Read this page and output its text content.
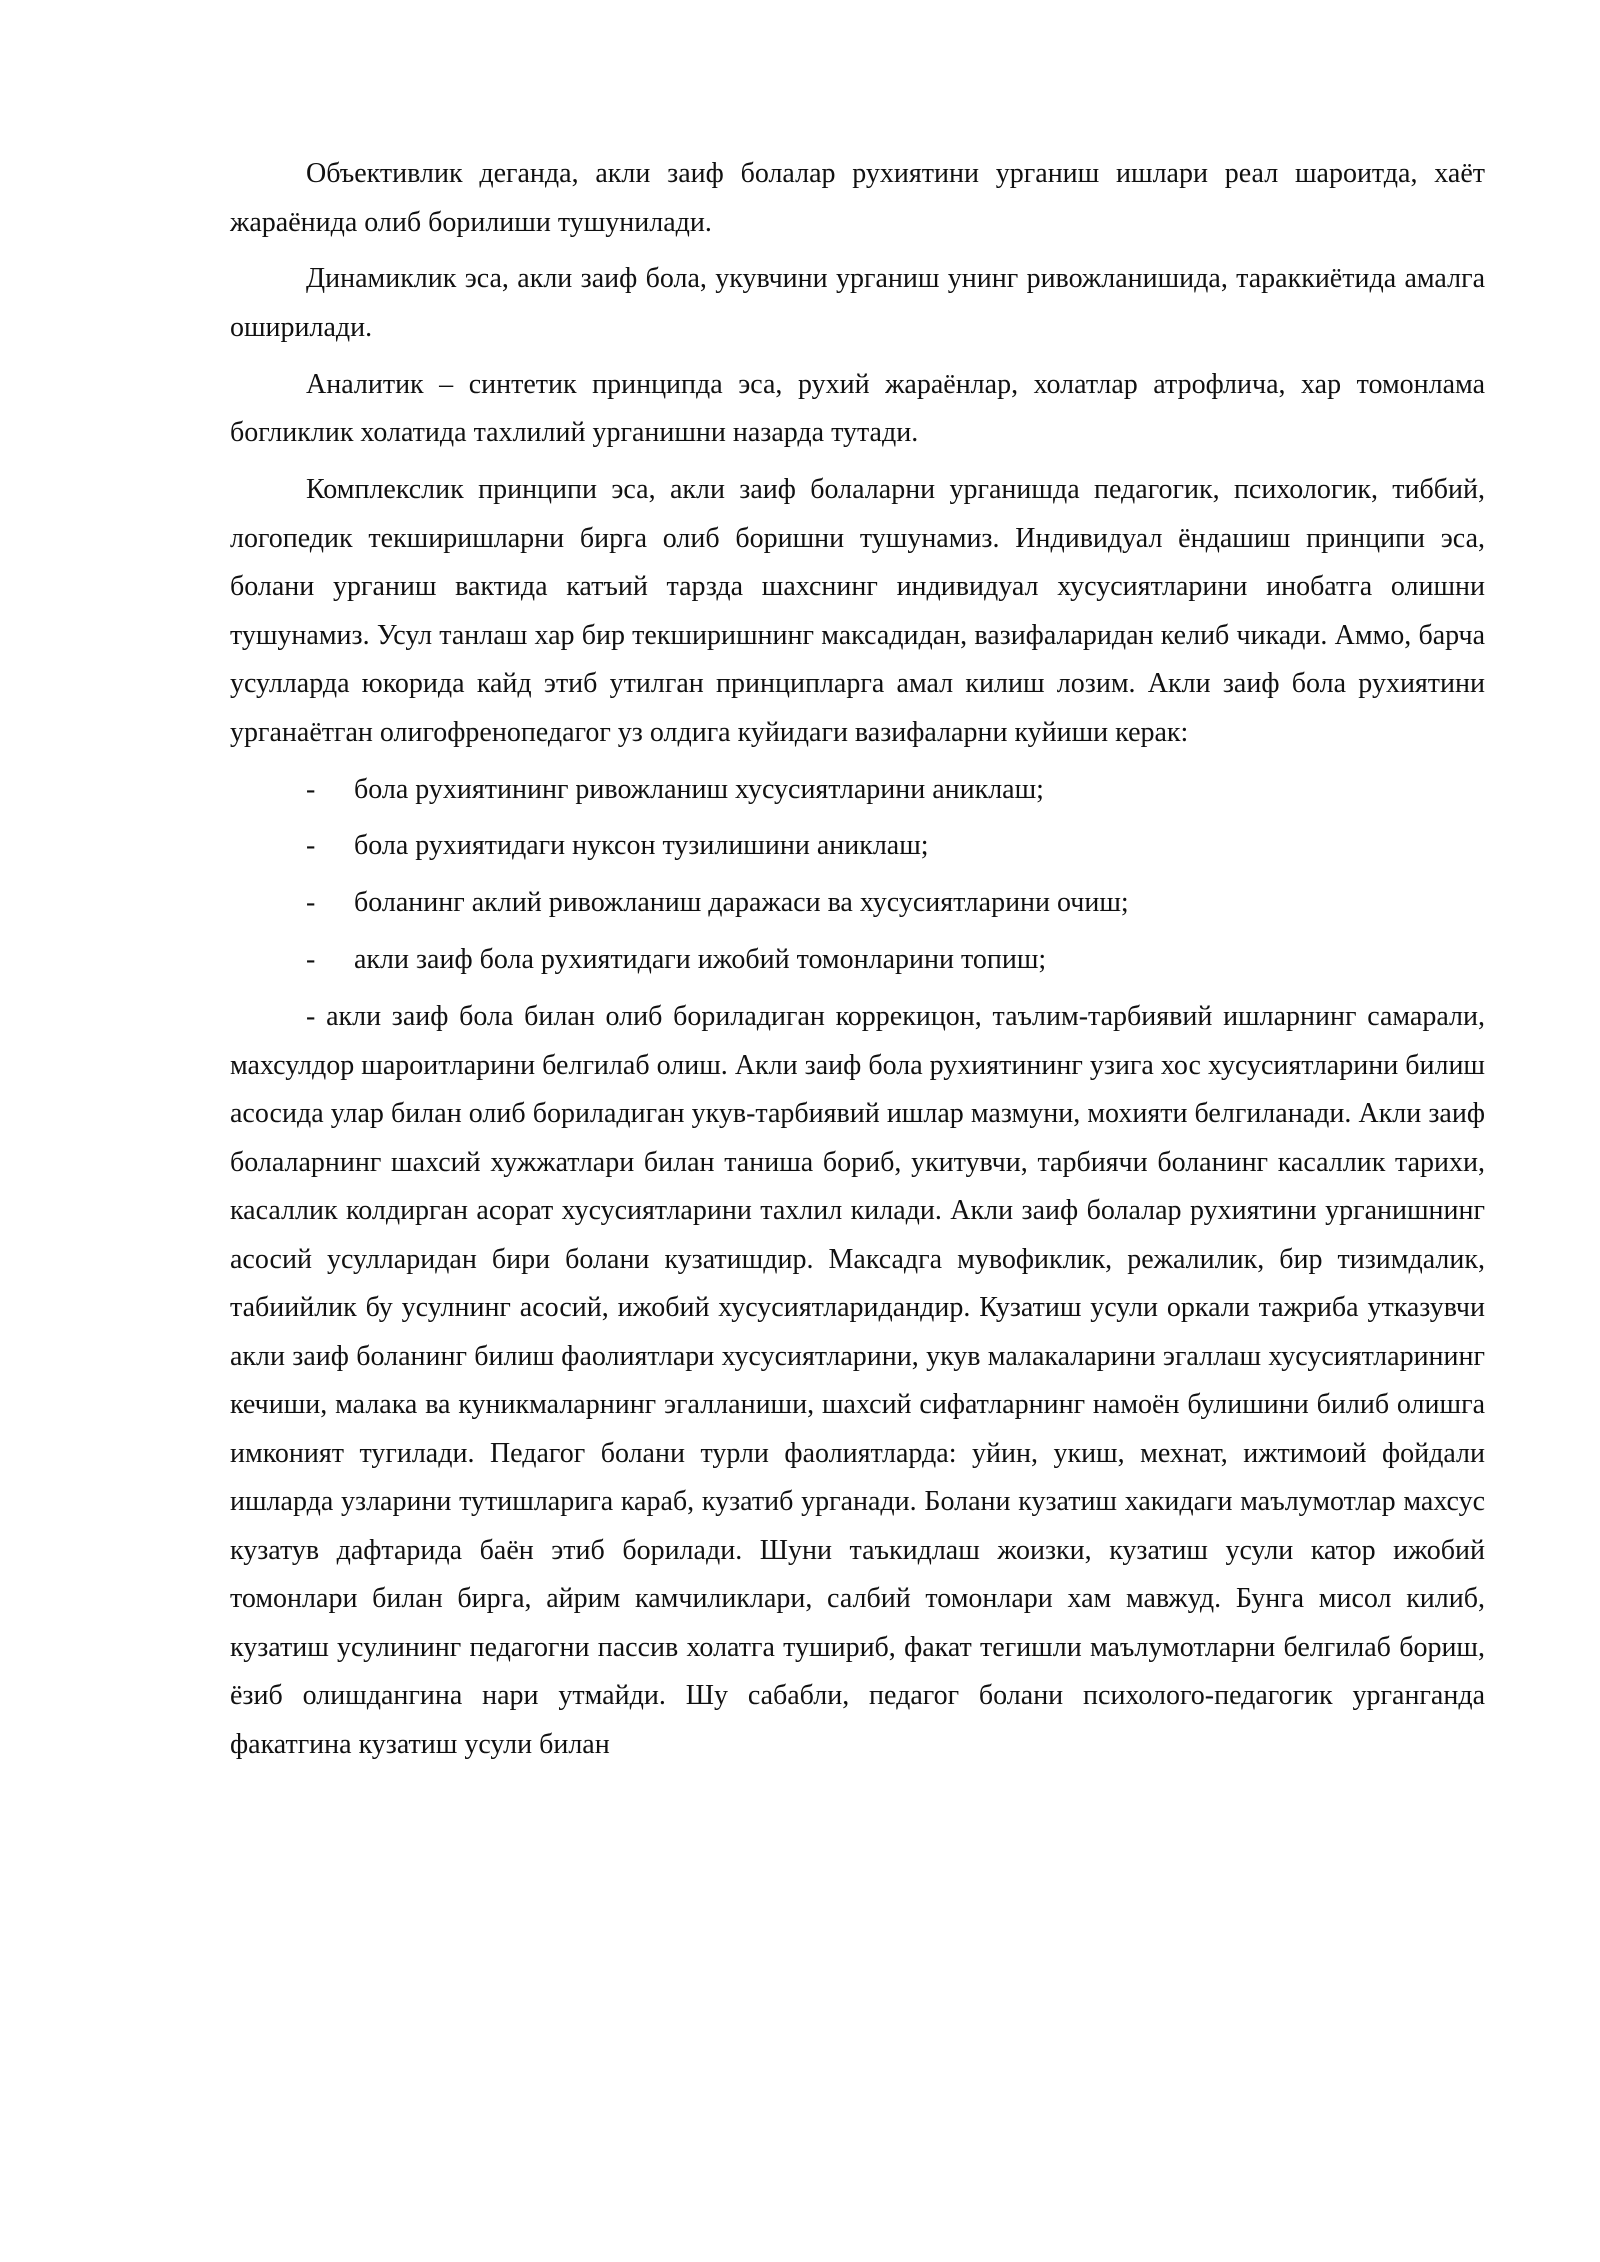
Объективлик деганда, акли заиф болалар рухиятини урганиш ишлари реал шароитда, хаёт жараёнида олиб борилиши тушунилади.

Динамиклик эса, акли заиф бола, укувчини урганиш унинг ривожланишида, тараккиётида амалга оширилади.

Аналитик – синтетик принципда эса, рухий жараёнлар, холатлар атрофлича, хар томонлама богликлик холатида тахлилий урганишни назарда тутади.

Комплекслик принципи эса, акли заиф болаларни урганишда педагогик, психологик, тиббий, логопедик текширишларни бирга олиб боришни тушунамиз. Индивидуал ёндашиш принципи эса, болани урганиш вактида катъий тарзда шахснинг индивидуал хусусиятларини инобатга олишни тушунамиз. Усул танлаш хар бир текширишнинг максадидан, вазифаларидан келиб чикади. Аммо, барча усулларда юкорида кайд этиб утилган принципларга амал килиш лозим. Акли заиф бола рухиятини урганаётган олигофренопедагог уз олдига куйидаги вазифаларни куйиши керак:

-	бола рухиятининг ривожланиш хусусиятларини аниклаш;
-	бола рухиятидаги нуксон тузилишини аниклаш;
-	боланинг аклий ривожланиш даражаси ва хусусиятларини очиш;
-	акли заиф бола рухиятидаги ижобий томонларини топиш;

- акли заиф бола билан олиб бориладиган коррекицон, таълим-тарбиявий ишларнинг самарали, махсулдор шароитларини белгилаб олиш. Акли заиф бола рухиятининг узига хос хусусиятларини билиш асосида улар билан олиб бориладиган укув-тарбиявий ишлар мазмуни, мохияти белгиланади. Акли заиф болаларнинг шахсий хужжатлари билан таниша бориб, укитувчи, тарбиячи боланинг касаллик тарихи, касаллик колдирган асорат хусусиятларини тахлил килади. Акли заиф болалар рухиятини урганишнинг асосий усулларидан бири болани кузатишдир. Максадга мувофиклик, режалилик, бир тизимдалик, табиийлик бу усулнинг асосий, ижобий хусусиятларидандир. Кузатиш усули оркали тажриба утказувчи акли заиф боланинг билиш фаолиятлари хусусиятларини, укув малакаларини эгаллаш хусусиятларининг кечиши, малака ва куникмаларнинг эгалланиши, шахсий сифатларнинг намоён булишини билиб олишга имконият тугилади. Педагог болани турли фаолиятларда: уйин, укиш, мехнат, ижтимоий фойдали ишларда узларини тутишларига караб, кузатиб урганади. Болани кузатиш хакидаги маълумотлар махсус кузатув дафтарида баён этиб борилади. Шуни таъкидлаш жоизки, кузатиш усули катор ижобий томонлари билан бирга, айрим камчиликлари, салбий томонлари хам мавжуд. Бунга мисол килиб, кузатиш усулининг педагогни пассив холатга тушириб, факат тегишли маълумотларни белгилаб бориш, ёзиб олишдангина нари утмайди. Шу сабабли, педагог болани психолого-педагогик урганганда факатгина кузатиш усули билан
